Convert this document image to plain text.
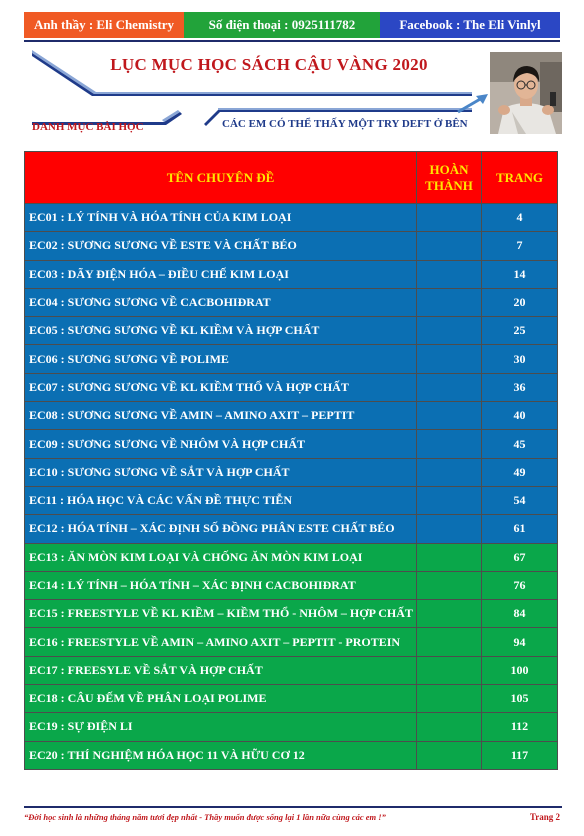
Anh thầy : Eli Chemistry	Số điện thoại : 0925111782	Facebook : The Eli Vinlyl
LỤC MỤC HỌC SÁCH CẬU VÀNG 2020
DANH MỤC BÀI HỌC	CÁC EM CÓ THỂ THẤY MỘT TRY DEFT Ở BÊN
TÊN CHUYÊN ĐỀ	HOÀN THÀNH	TRANG
EC01 : LÝ TÍNH VÀ HÓA TÍNH CỦA KIM LOẠI		4
EC02 : SƯƠNG SƯƠNG VỀ ESTE VÀ CHẤT BÉO		7
EC03 : DÃY ĐIỆN HÓA – ĐIỀU CHẾ KIM LOẠI		14
EC04 : SƯƠNG SƯƠNG VỀ CACBOHIĐRAT		20
EC05 : SƯƠNG SƯƠNG VỀ KL KIỀM VÀ HỢP CHẤT		25
EC06 : SƯƠNG SƯƠNG VỀ POLIME		30
EC07 : SƯƠNG SƯƠNG VỀ KL KIỀM THỔ VÀ HỢP CHẤT		36
EC08 : SƯƠNG SƯƠNG VỀ AMIN – AMINO AXIT – PEPTIT		40
EC09 : SƯƠNG SƯƠNG VỀ NHÔM VÀ HỢP CHẤT		45
EC10 : SƯƠNG SƯƠNG VỀ SẮT VÀ HỢP CHẤT		49
EC11 : HÓA HỌC VÀ CÁC VẤN ĐỀ THỰC TIỄN		54
EC12 : HÓA TÍNH – XÁC ĐỊNH SỐ ĐỒNG PHÂN ESTE CHẤT BÉO		61
EC13 : ĂN MÒN KIM LOẠI VÀ CHỐNG ĂN MÒN KIM LOẠI		67
EC14 : LÝ TÍNH – HÓA TÍNH – XÁC ĐỊNH CACBOHIĐRAT		76
EC15 : FREESTYLE VỀ KL KIỀM – KIỀM THỔ - NHÔM – HỢP CHẤT		84
EC16 : FREESTYLE VỀ AMIN – AMINO AXIT – PEPTIT - PROTEIN		94
EC17 : FREESYLE VỀ SẮT VÀ HỢP CHẤT		100
EC18 : CÂU ĐẾM VỀ PHÂN LOẠI POLIME		105
EC19 : SỰ ĐIỆN LI		112
EC20 : THÍ NGHIỆM HÓA HỌC 11 VÀ HỮU CƠ 12		117
“Đời học sinh là những tháng năm tươi đẹp nhất - Thầy muốn được sống lại 1 lần nữa cùng các em !”	Trang 2
